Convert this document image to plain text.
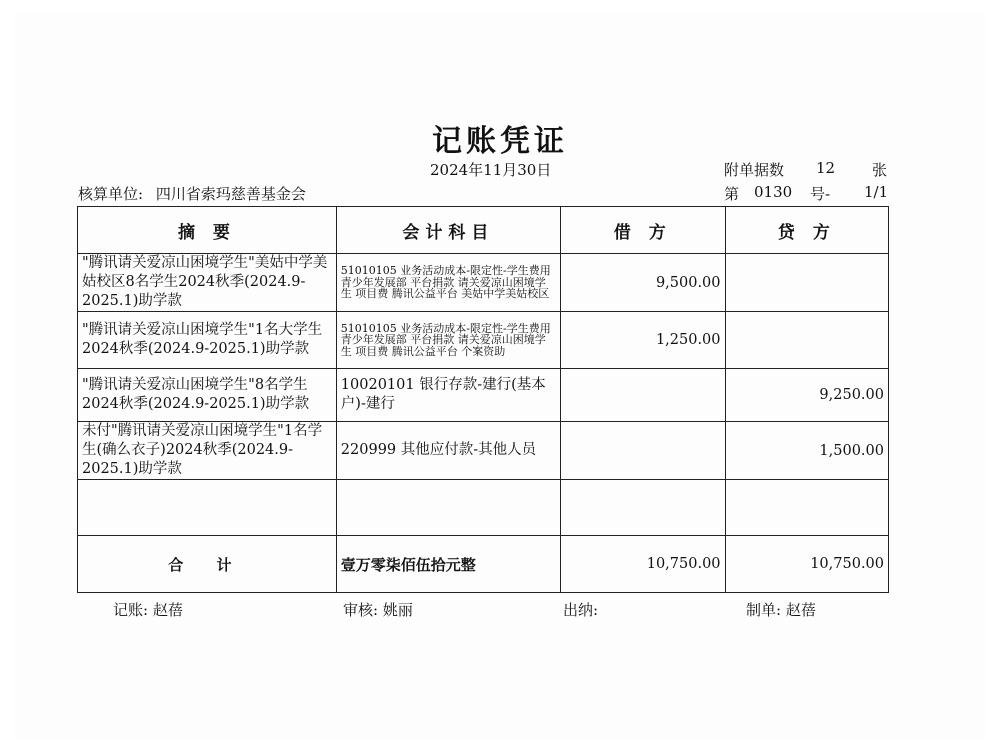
记账凭证
2024年11月30日	附单据数 12 张
核算单位: 四川省索玛慈善基金会	第 0130 号- 1/1
摘 要	会计科目	借 方	贷 方
"腾讯请关爱凉山困境学生"美姑中学美姑校区8名学生2024秋季(2024.9-2025.1)助学款	51010105 业务活动成本-限定性-学生费用 青少年发展部 平台捐款 请关爱凉山困境学生 项目费 腾讯公益平台 美姑中学美姑校区	9,500.00	
"腾讯请关爱凉山困境学生"1名大学生2024秋季(2024.9-2025.1)助学款	51010105 业务活动成本-限定性-学生费用 青少年发展部 平台捐款 请关爱凉山困境学生 项目费 腾讯公益平台 个案资助	1,250.00	
"腾讯请关爱凉山困境学生"8名学生2024秋季(2024.9-2025.1)助学款	10020101 银行存款-建行(基本户)-建行		9,250.00
未付"腾讯请关爱凉山困境学生"1名学生(确么衣子)2024秋季(2024.9-2025.1)助学款	220999 其他应付款-其他人员		1,500.00

合 计	壹万零柒佰伍拾元整	10,750.00	10,750.00
记账: 赵蓓	审核: 姚丽	出纳:	制单: 赵蓓
